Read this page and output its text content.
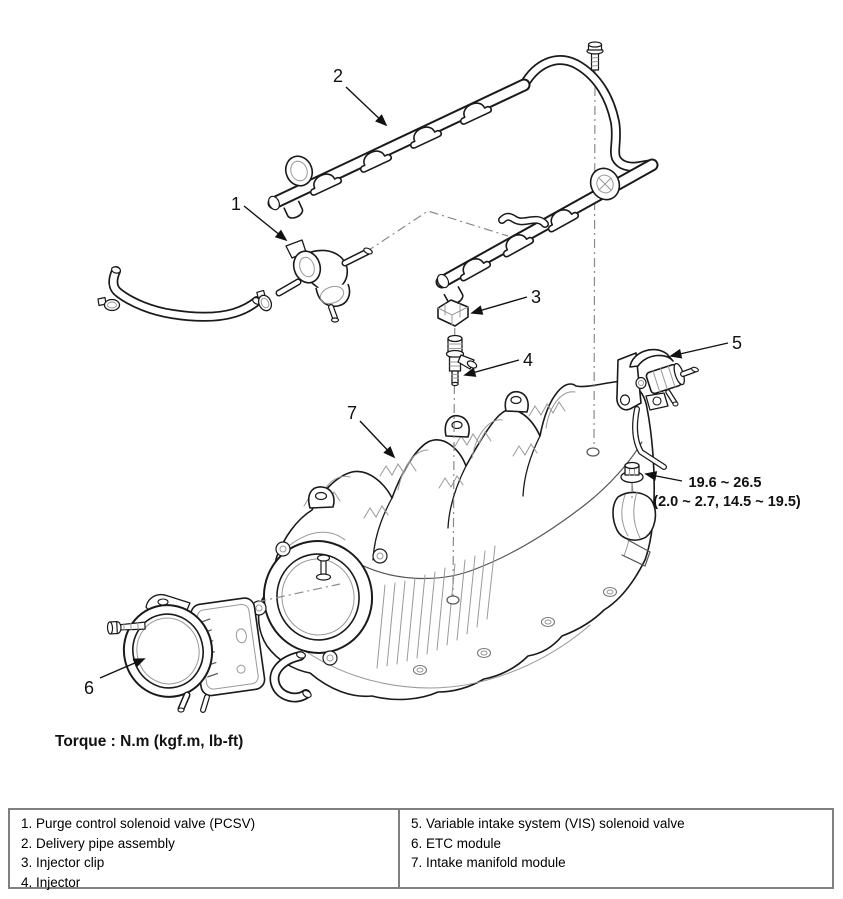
1
2
3
4
5
6
7
19.6 ~ 26.5
(2.0 ~ 2.7, 14.5 ~ 19.5)
Torque : N.m (kgf.m, lb-ft)
1. Purge control solenoid valve (PCSV)
2. Delivery pipe assembly
3. Injector clip
4. Injector
5. Variable intake system (VIS) solenoid valve
6. ETC module
7. Intake manifold module
